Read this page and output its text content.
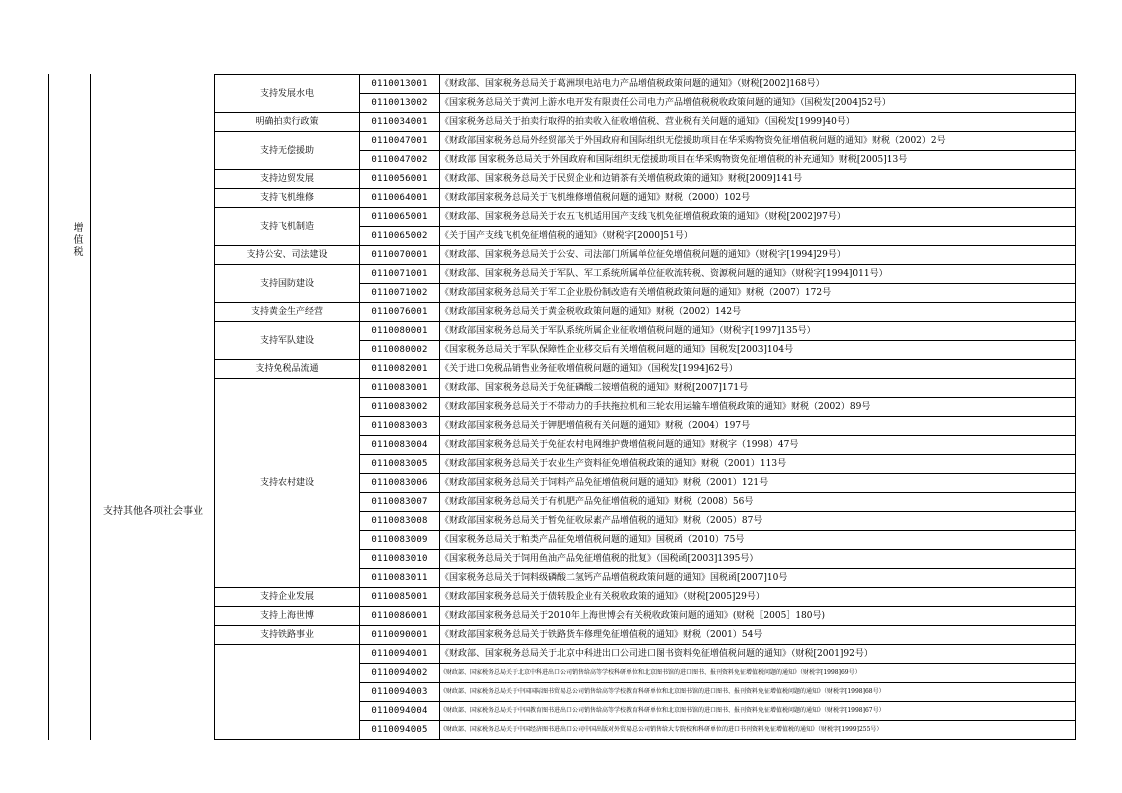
增值税
支持其他各项社会事业
支持发展水电	0110013001	《财政部、国家税务总局关于葛洲坝电站电力产品增值税政策问题的通知》（财税[2002]168号）
	0110013002	《国家税务总局关于黄河上游水电开发有限责任公司电力产品增值税税收政策问题的通知》（国税发[2004]52号）
明确拍卖行政策	0110034001	《国家税务总局关于拍卖行取得的拍卖收入征收增值税、营业税有关问题的通知》（国税发[1999]40号）
支持无偿援助	0110047001	《财政部国家税务总局外经贸部关于外国政府和国际组织无偿援助项目在华采购物资免征增值税问题的通知》财税（2002）2号
	0110047002	《财政部 国家税务总局关于外国政府和国际组织无偿援助项目在华采购物资免征增值税的补充通知》财税[2005]13号
支持边贸发展	0110056001	《财政部、国家税务总局关于民贸企业和边销茶有关增值税政策的通知》财税[2009]141号
支持飞机维修	0110064001	《财政部国家税务总局关于飞机维修增值税问题的通知》财税（2000）102号
支持飞机制造	0110065001	《财政部、国家税务总局关于农五飞机适用国产支线飞机免征增值税政策的通知》（财税[2002]97号）
	0110065002	《关于国产支线飞机免征增值税的通知》（财税字[2000]51号）
支持公安、司法建设	0110070001	《财政部、国家税务总局关于公安、司法部门所属单位征免增值税问题的通知》（财税字[1994]29号）
支持国防建设	0110071001	《财政部、国家税务总局关于军队、军工系统所属单位征收流转税、资源税问题的通知》（财税字[1994]011号）
	0110071002	《财政部国家税务总局关于军工企业股份制改造有关增值税政策问题的通知》财税（2007）172号
支持黄金生产经营	0110076001	《财政部国家税务总局关于黄金税收政策问题的通知》财税（2002）142号
支持军队建设	0110080001	《财政部国家税务总局关于军队系统所属企业征收增值税问题的通知》（财税字[1997]135号）
	0110080002	《国家税务总局关于军队保障性企业移交后有关增值税问题的通知》国税发[2003]104号
支持免税品流通	0110082001	《关于进口免税品销售业务征收增值税问题的通知》（国税发[1994]62号）
支持农村建设	0110083001	《财政部、国家税务总局关于免征磷酸二铵增值税的通知》财税[2007]171号
	0110083002	《财政部国家税务总局关于不带动力的手扶拖拉机和三轮农用运输车增值税政策的通知》财税（2002）89号
	0110083003	《财政部国家税务总局关于钾肥增值税有关问题的通知》财税（2004）197号
	0110083004	《财政部国家税务总局关于免征农村电网维护费增值税问题的通知》财税字（1998）47号
	0110083005	《财政部国家税务总局关于农业生产资料征免增值税政策的通知》财税（2001）113号
	0110083006	《财政部国家税务总局关于饲料产品免征增值税问题的通知》财税（2001）121号
	0110083007	《财政部国家税务总局关于有机肥产品免征增值税的通知》财税（2008）56号
	0110083008	《财政部国家税务总局关于暂免征收尿素产品增值税的通知》财税（2005）87号
	0110083009	《国家税务总局关于粕类产品征免增值税问题的通知》国税函（2010）75号
	0110083010	《国家税务总局关于饲用鱼油产品免征增值税的批复》（国税函[2003]1395号）
	0110083011	《国家税务总局关于饲料级磷酸二氢钙产品增值税政策问题的通知》国税函[2007]10号
支持企业发展	0110085001	《财政部国家税务总局关于债转股企业有关税收政策的通知》（财税[2005]29号）
支持上海世博	0110086001	《财政部国家税务总局关于2010年上海世博会有关税收政策问题的通知》(财税［2005］180号)
支持铁路事业	0110090001	《财政部国家税务总局关于铁路货车修理免征增值税的通知》财税（2001）54号
	0110094001	《财政部、国家税务总局关于北京中科进出口公司进口图书资料免征增值税问题的通知》（财税[2001]92号）
	0110094002	《财政部、国家税务总局关于北京中科进出口公司销售给高等学校科研单位和北京图书馆的进口图书、报刊资料免征增值税问题的通知》（财税字[1998]69号）
	0110094003	《财政部、国家税务总局关于中国国际图书贸易总公司销售给高等学校教育科研单位和北京图书馆的进口图书、报刊资料免征增值税问题的通知》（财税字[1998]68号）
	0110094004	《财政部、国家税务总局关于中国教育图书进出口公司销售给高等学校教育科研单位和北京图书馆的进口图书、报刊资料免征增值税问题的通知》（财税字[1998]67号）
	0110094005	《财政部、国家税务总局关于中国经济图书进出口公司中国出版对外贸易总公司销售给大专院校和科研单位的进口书刊资料免征增值税的通知》（财税字[1999]255号）
